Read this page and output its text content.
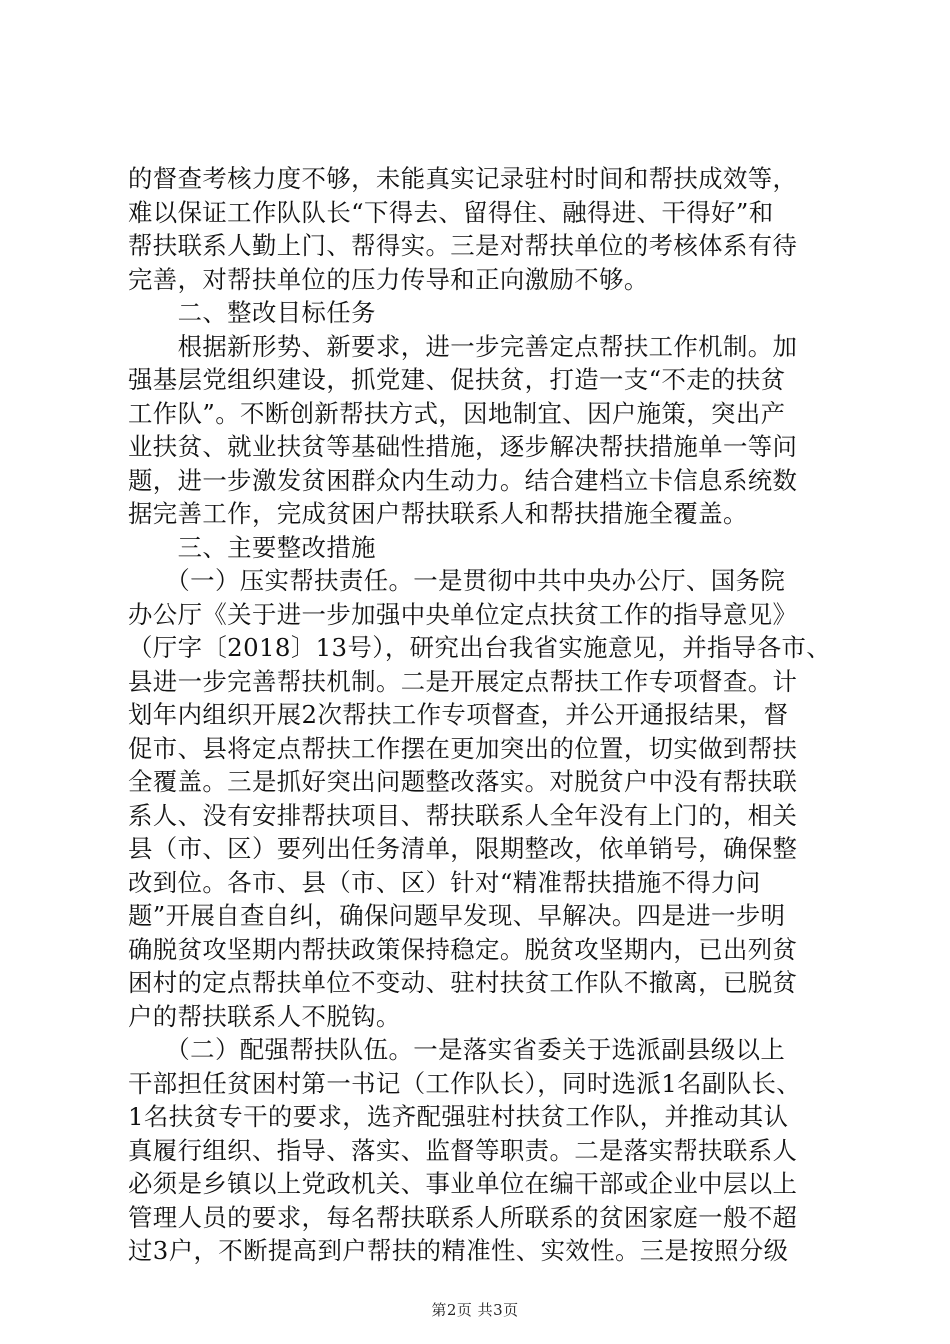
的督查考核力度不够，未能真实记录驻村时间和帮扶成效等，
难以保证工作队队长“下得去、留得住、融得进、干得好”和
帮扶联系人勤上门、帮得实。三是对帮扶单位的考核体系有待
完善，对帮扶单位的压力传导和正向激励不够。
　　二、整改目标任务
　　根据新形势、新要求，进一步完善定点帮扶工作机制。加
强基层党组织建设，抓党建、促扶贫，打造一支“不走的扶贫
工作队”。不断创新帮扶方式，因地制宜、因户施策，突出产
业扶贫、就业扶贫等基础性措施，逐步解决帮扶措施单一等问
题，进一步激发贫困群众内生动力。结合建档立卡信息系统数
据完善工作，完成贫困户帮扶联系人和帮扶措施全覆盖。
　　三、主要整改措施
　　（一）压实帮扶责任。一是贯彻中共中央办公厅、国务院
办公厅《关于进一步加强中央单位定点扶贫工作的指导意见》
（厅字〔2018〕13号），研究出台我省实施意见，并指导各市、
县进一步完善帮扶机制。二是开展定点帮扶工作专项督查。计
划年内组织开展2次帮扶工作专项督查，并公开通报结果，督
促市、县将定点帮扶工作摆在更加突出的位置，切实做到帮扶
全覆盖。三是抓好突出问题整改落实。对脱贫户中没有帮扶联
系人、没有安排帮扶项目、帮扶联系人全年没有上门的，相关
县（市、区）要列出任务清单，限期整改，依单销号，确保整
改到位。各市、县（市、区）针对“精准帮扶措施不得力问
题”开展自查自纠，确保问题早发现、早解决。四是进一步明
确脱贫攻坚期内帮扶政策保持稳定。脱贫攻坚期内，已出列贫
困村的定点帮扶单位不变动、驻村扶贫工作队不撤离，已脱贫
户的帮扶联系人不脱钩。
　　（二）配强帮扶队伍。一是落实省委关于选派副县级以上
干部担任贫困村第一书记（工作队长），同时选派1名副队长、
1名扶贫专干的要求，选齐配强驻村扶贫工作队，并推动其认
真履行组织、指导、落实、监督等职责。二是落实帮扶联系人
必须是乡镇以上党政机关、事业单位在编干部或企业中层以上
管理人员的要求，每名帮扶联系人所联系的贫困家庭一般不超
过3户，不断提高到户帮扶的精准性、实效性。三是按照分级
第2页 共3页
